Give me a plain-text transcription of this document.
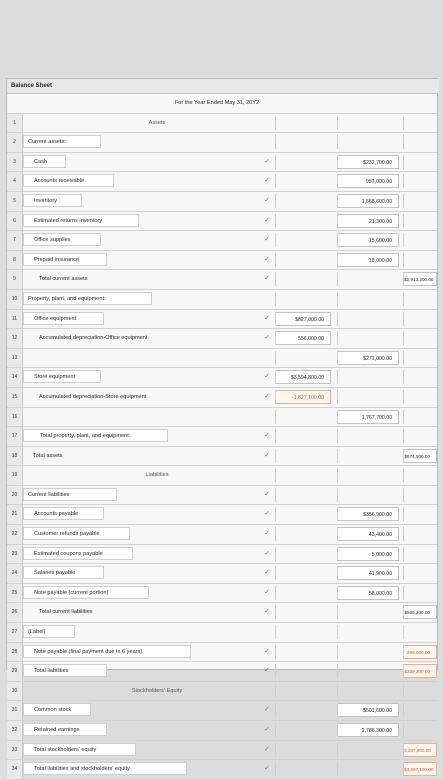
Balance Sheet
For the Year Ended May 31, 20Y2
1	Assets
2	Current assets:
3	Cash	✓	$232,700.00
4	Accounts receivable	✓	957,000.00
5	Inventory	✓	1,668,600.00
6	Estimated returns inventory	✓	21,300.00
7	Office supplies	✓	15,600.00
8	Prepaid insurance	✓	18,000.00
9	Total current assets	✓	$2,913,200.00
10	Property, plant, and equipment:
11	Office equipment	✓	$827,000.00
12	Accumulated depreciation-Office equipment	✓	556,000.00
13	$271,000.00
14	Store equipment	✓	$3,594,800.00
15	Accumulated depreciation-Store equipment	✓	-1,827,100.00
16	1,767,700.00
17	Total property, plant, and equipment	✓
18	Total assets	✓	$874,500.00
19	Liabilities
20	Current liabilities:	✓
21	Accounts payable	✓	$356,900.00
22	Customer refunds payable	✓	43,400.00
23	Estimated coupons payable	✓	5,000.00
24	Salaries payable	✓	41,900.00
25	Note payable (current portion)	✓	58,000.00
26	Total current liabilities	✓	$505,200.00
27	(Label)
28	Note payable (final payment due in 6 years)	✓	296,000.00
29	Total liabilities	✓	$209,200.00
30	Stockholders' Equity
31	Common stock	✓	$501,600.00
32	Retained earnings	✓	2,786,300.00
33	Total stockholders' equity	✓	3,287,900.00
34	Total liabilities and stockholders' equity	✓	$3,497,100.00
